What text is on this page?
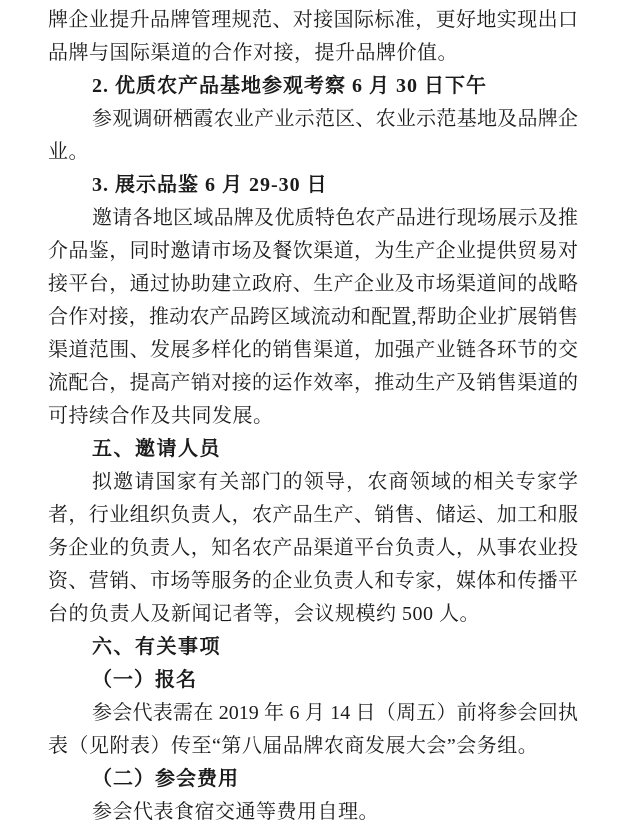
牌企业提升品牌管理规范、对接国际标准，更好地实现出口
品牌与国际渠道的合作对接，提升品牌价值。
2. 优质农产品基地参观考察 6 月 30 日下午
参观调研栖霞农业产业示范区、农业示范基地及品牌企
业。
3. 展示品鉴 6 月 29-30 日
邀请各地区域品牌及优质特色农产品进行现场展示及推
介品鉴，同时邀请市场及餐饮渠道，为生产企业提供贸易对
接平台，通过协助建立政府、生产企业及市场渠道间的战略
合作对接，推动农产品跨区域流动和配置,帮助企业扩展销售
渠道范围、发展多样化的销售渠道，加强产业链各环节的交
流配合，提高产销对接的运作效率，推动生产及销售渠道的
可持续合作及共同发展。
五、邀请人员
拟邀请国家有关部门的领导，农商领域的相关专家学
者，行业组织负责人，农产品生产、销售、储运、加工和服
务企业的负责人，知名农产品渠道平台负责人，从事农业投
资、营销、市场等服务的企业负责人和专家，媒体和传播平
台的负责人及新闻记者等，会议规模约 500 人。
六、有关事项
（一）报名
参会代表需在 2019 年 6 月 14 日（周五）前将参会回执
表（见附表）传至“第八届品牌农商发展大会”会务组。
（二）参会费用
参会代表食宿交通等费用自理。
